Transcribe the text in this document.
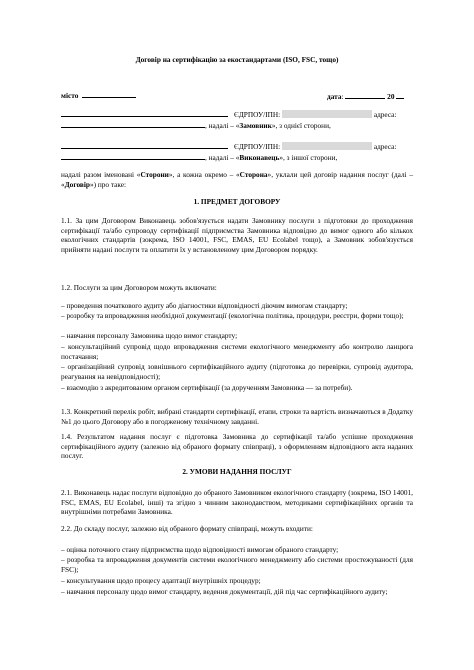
Договір на сертифікацію за екостандартами (ISO, FSC, тощо)
місто	дата:	20
ЄДРПОУ/ІПН:	адреса:
, надалі – «Замовник», з однієї сторони,
ЄДРПОУ/ІПН:	адреса:
, надалі – «Виконавець», з іншої сторони,
надалі разом іменовані «Сторони», а кожна окремо – «Сторона», уклали цей договір надання послуг (далі – «Договір») про таке:
1. ПРЕДМЕТ ДОГОВОРУ
1.1. За цим Договором Виконавець зобов'язується надати Замовнику послуги з підготовки до проходження сертифікації та/або супроводу сертифікації підприємства Замовника відповідно до вимог одного або кількох екологічних стандартів (зокрема, ISO 14001, FSC, EMAS, EU Ecolabel тощо), а Замовник зобов'язується прийняти надані послуги та оплатити їх у встановленому цим Договором порядку.
1.2. Послуги за цим Договором можуть включати:
– проведення початкового аудиту або діагностики відповідності діючим вимогам стандарту;
– розробку та впровадження необхідної документації (екологічна політика, процедури, реєстри, форми тощо);
– навчання персоналу Замовника щодо вимог стандарту;
– консультаційний супровід щодо впровадження системи екологічного менеджменту або контролю ланцюга постачання;
– організаційний супровід зовнішнього сертифікаційного аудиту (підготовка до перевірки, супровід аудитора, реагування на невідповідності);
– взаємодію з акредитованим органом сертифікації (за дорученням Замовника — за потреби).
1.3. Конкретний перелік робіт, вибрані стандарти сертифікації, етапи, строки та вартість визначаються в Додатку №1 до цього Договору або в погодженому технічному завданні.
1.4. Результатом надання послуг є підготовка Замовника до сертифікації та/або успішне проходження сертифікаційного аудиту (залежно від обраного формату співпраці), з оформленням відповідного акта наданих послуг.
2. УМОВИ НАДАННЯ ПОСЛУГ
2.1. Виконавець надає послуги відповідно до обраного Замовником екологічного стандарту (зокрема, ISO 14001, FSC, EMAS, EU Ecolabel, інші) та згідно з чинним законодавством, методиками сертифікаційних органів та внутрішніми потребами Замовника.
2.2. До складу послуг, залежно від обраного формату співпраці, можуть входити:
– оцінка поточного стану підприємства щодо відповідності вимогам обраного стандарту;
– розробка та впровадження документів системи екологічного менеджменту або системи простежуваності (для FSC);
– консультування щодо процесу адаптації внутрішніх процедур;
– навчання персоналу щодо вимог стандарту, ведення документації, дій під час сертифікаційного аудиту;
